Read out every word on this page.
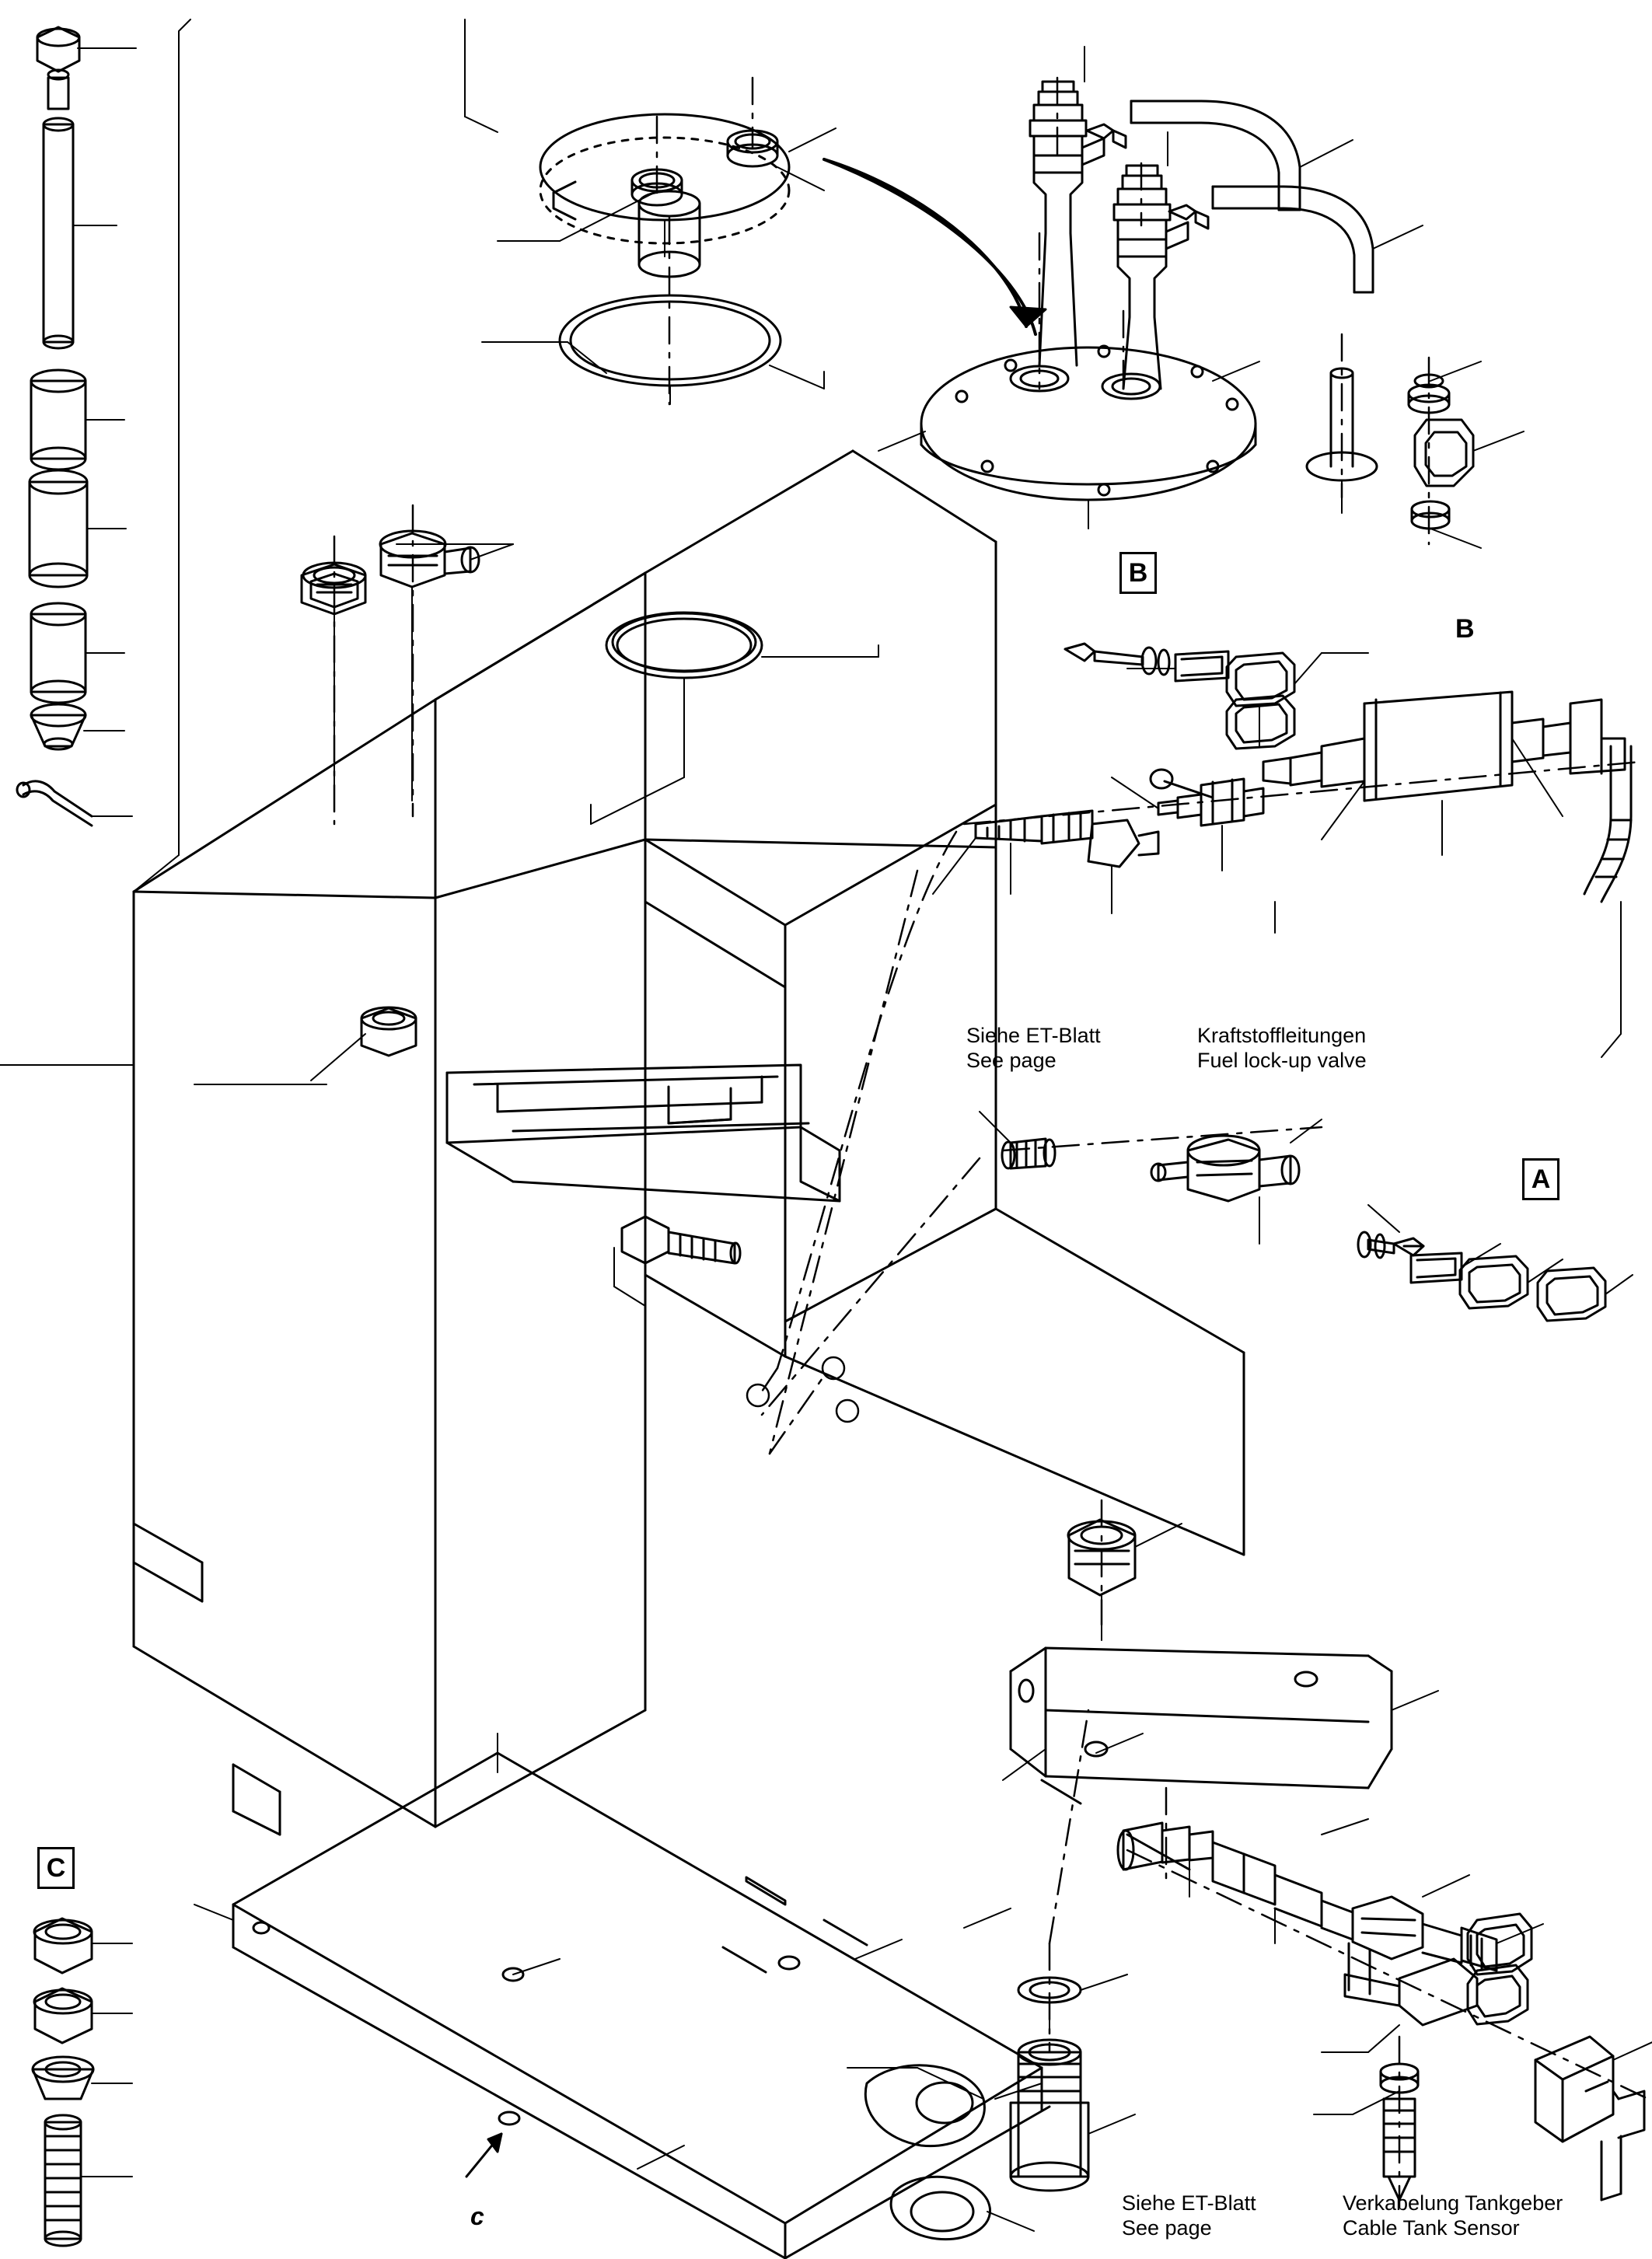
B
B
A
C
c
Siehe ET-Blatt	Kraftstoffleitungen
See page	Fuel lock-up valve
Siehe ET-Blatt	Verkabelung Tankgeber
See page	Cable Tank Sensor
